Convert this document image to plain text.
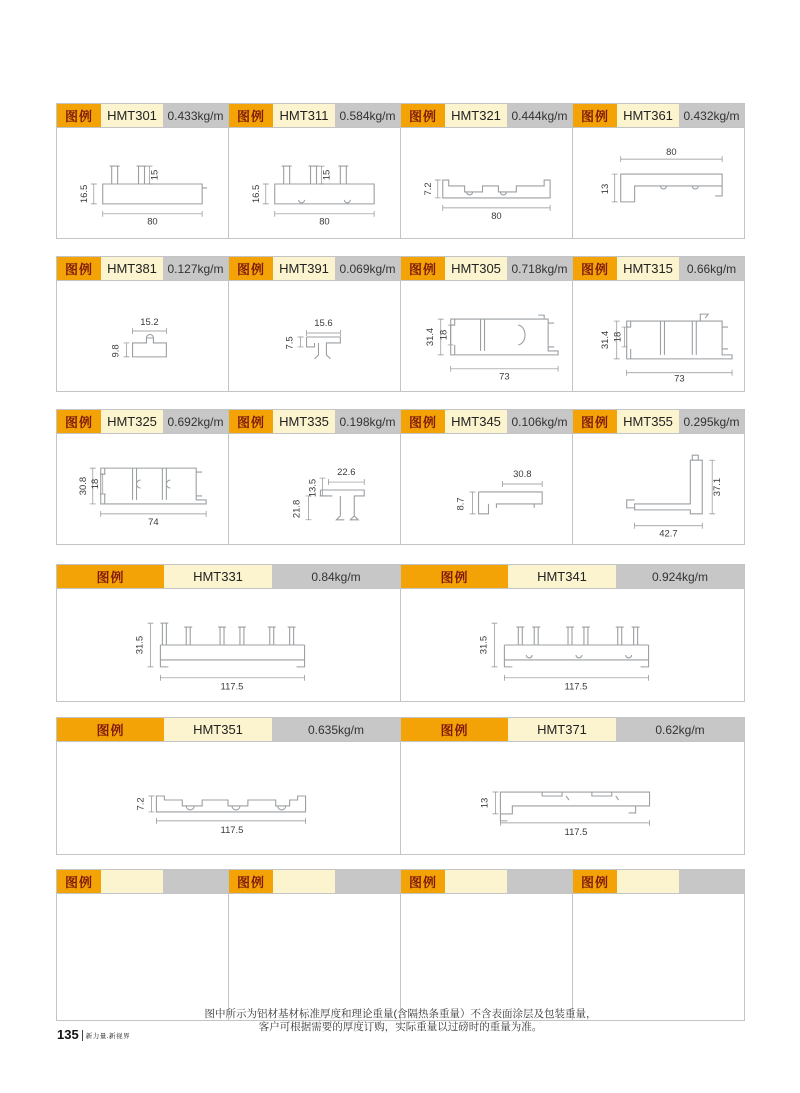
图例	HMT301 0.433kg/m
16.5
15
80
图例	HMT311 0.584kg/m
16.5
15
80
图例	HMT321 0.444kg/m
7.2
80
图例	HMT361 0.432kg/m
80
13
图例	HMT381 0.127kg/m
15.2
9.8
图例	HMT391 0.069kg/m
15.6
7.5
图例	HMT305 0.718kg/m
31.4 18
73
图例	HMT315	0.66kg/m
31.4 18
73
图例	HMT325 0.692kg/m
30.8 18
74
图例	HMT335 0.198kg/m
22.6
13.5
21.8
图例	HMT345 0.106kg/m
30.8
8.7
图例	HMT355 0.295kg/m
37.1
42.7
图例	HMT331	0.84kg/m
31.5
117.5
图例	HMT341	0.924kg/m
31.5
117.5
图例	HMT351	0.635kg/m
7.2
117.5
图例	HMT371	0.62kg/m
13
117.5
图例	图例	图例	图例
图中所示为铝材基材标准厚度和理论重量(含隔热条重量）不含表面涂层及包装重量，
客户可根据需要的厚度订购，实际重量以过磅时的重量为准。
135 新力量.新视界
